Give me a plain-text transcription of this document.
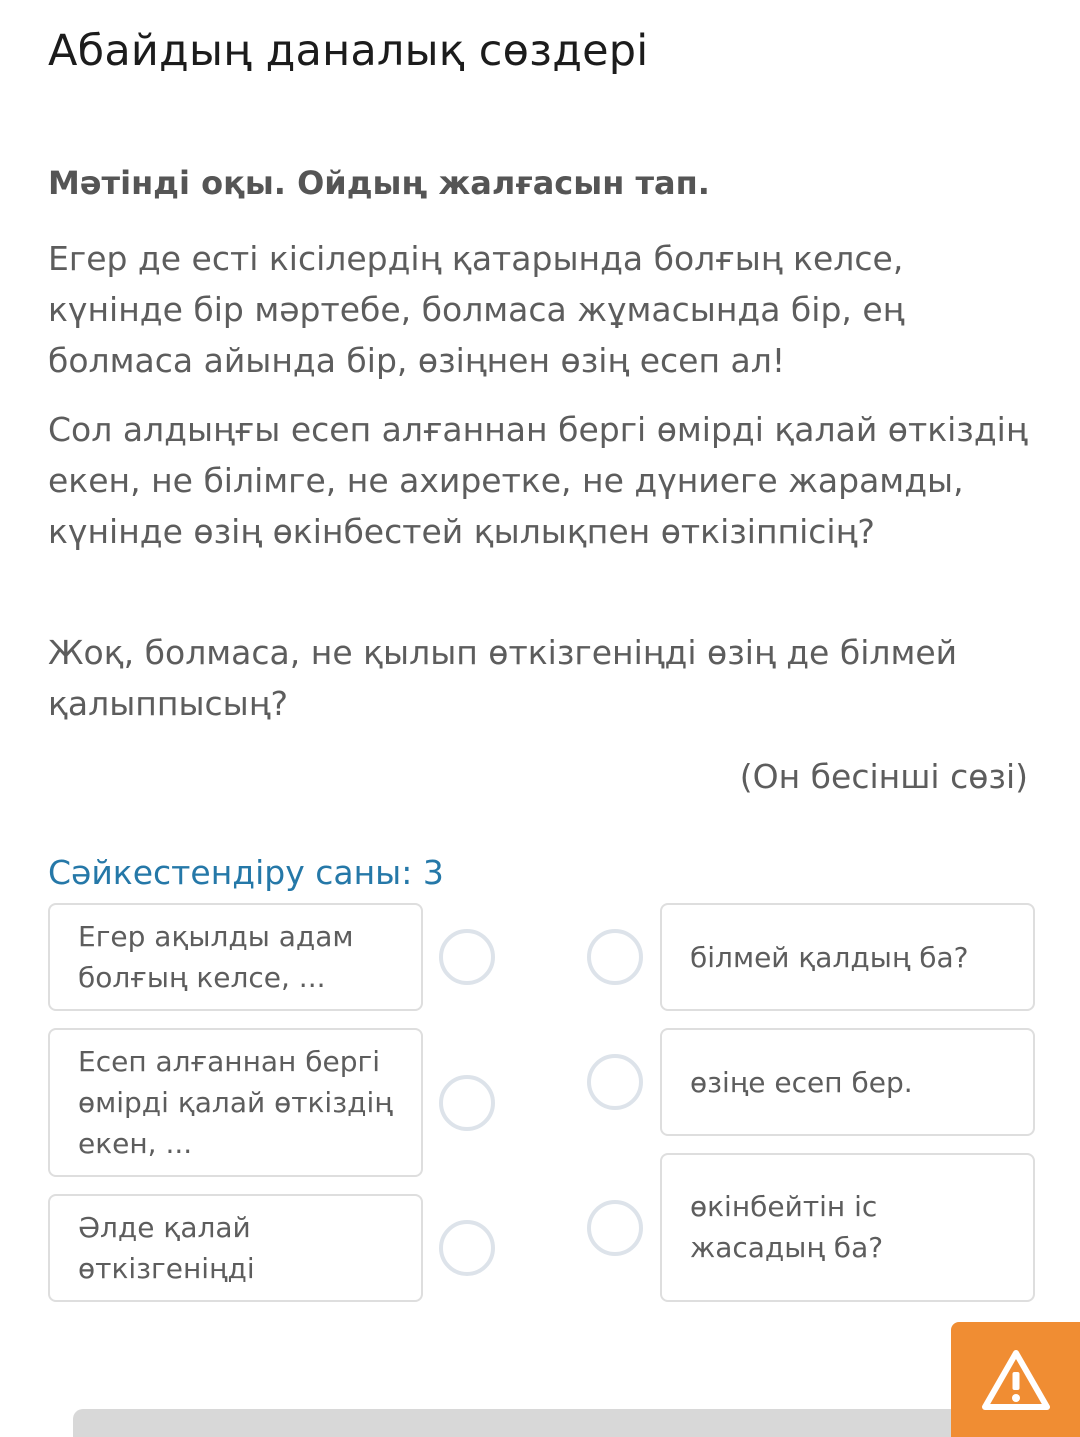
Абайдың даналық сөздері
Мәтінді оқы. Ойдың жалғасын тап.
Егер де есті кісілердің қатарында болғың келсе, күнінде бір мәртебе, болмаса жұмасында бір, ең болмаса айында бір, өзіңнен өзің есеп ал!
Сол алдыңғы есеп алғаннан бергі өмірді қалай өткіздің екен, не білімге, не ахиретке, не дүниеге жарамды, күнінде өзің өкінбестей қылықпен өткізіппісің?
Жоқ, болмаса, не қылып өткізгеніңді өзің де білмей қалыппысың?
(Он бесінші сөзі)
Сәйкестендіру саны: 3
Егер ақылды адам болғың келсе, ...
Есеп алғаннан бергі өмірді қалай өткіздің екен, ...
Әлде қалай өткізгеніңді
білмей қалдың ба?
өзіңе есеп бер.
өкінбейтін іс жасадың ба?
